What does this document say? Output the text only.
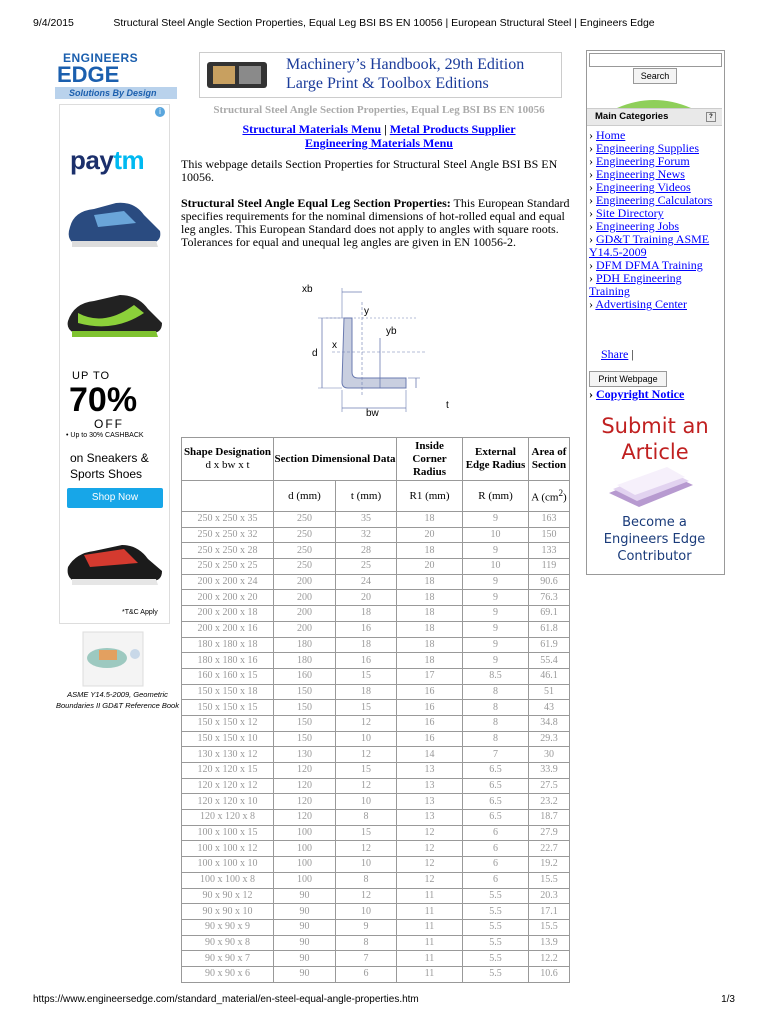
9/4/2015	Structural Steel Angle Section Properties, Equal Leg BSI BS EN 10056 | European Structural Steel | Engineers Edge
https://www.engineersedge.com/standard_material/en-steel-equal-angle-properties.htm	1/3
ENGINEERS
EDGE
Solutions By Design
i
paytm
UP TO
70%
OFF
• Up to 30% CASHBACK
on Sneakers &
Sports Shoes
Shop Now
*T&C Apply
ASME Y14.5-2009, Geometric
Boundaries II GD&T Reference Book
Machinery’s Handbook, 29th Edition
Large Print & Toolbox Editions
Structural Steel Angle Section Properties, Equal Leg BSI BS EN 10056
Structural Materials Menu | Metal Products Supplier
Engineering Materials Menu
This webpage details Section Properties for Structural Steel Angle BSI BS EN 10056.
Structural Steel Angle Equal Leg Section Properties: This European Standard specifies requirements for the nominal dimensions of hot-rolled equal and equal leg angles. This European Standard does not apply to angles with square roots. Tolerances for equal and unequal leg angles are given in EN 10056-2.
xb
y
yb
d
x
bw
t
Shape Designation
d x bw x t	Section Dimensional Data		Inside Corner Radius	External Edge Radius	Area of Section
	d (mm)	t (mm)	R1 (mm)	R (mm)	A $(cm^2)$
250 x 250 x 35	250	35	18	9	163
250 x 250 x 32	250	32	20	10	150
250 x 250 x 28	250	28	18	9	133
250 x 250 x 25	250	25	20	10	119
200 x 200 x 24	200	24	18	9	90.6
200 x 200 x 20	200	20	18	9	76.3
200 x 200 x 18	200	18	18	9	69.1
200 x 200 x 16	200	16	18	9	61.8
180 x 180 x 18	180	18	18	9	61.9
180 x 180 x 16	180	16	18	9	55.4
160 x 160 x 15	160	15	17	8.5	46.1
150 x 150 x 18	150	18	16	8	51
150 x 150 x 15	150	15	16	8	43
150 x 150 x 12	150	12	16	8	34.8
150 x 150 x 10	150	10	16	8	29.3
130 x 130 x 12	130	12	14	7	30
120 x 120 x 15	120	15	13	6.5	33.9
120 x 120 x 12	120	12	13	6.5	27.5
120 x 120 x 10	120	10	13	6.5	23.2
120 x 120 x 8	120	8	13	6.5	18.7
100 x 100 x 15	100	15	12	6	27.9
100 x 100 x 12	100	12	12	6	22.7
100 x 100 x 10	100	10	12	6	19.2
100 x 100 x 8	100	8	12	6	15.5
90 x 90 x 12	90	12	11	5.5	20.3
90 x 90 x 10	90	10	11	5.5	17.1
90 x 90 x 9	90	9	11	5.5	15.5
90 x 90 x 8	90	8	11	5.5	13.9
90 x 90 x 7	90	7	11	5.5	12.2
90 x 90 x 6	90	6	11	5.5	10.6
Search
Main Categories	?
› Home
› Engineering Supplies
› Engineering Forum
› Engineering News
› Engineering Videos
› Engineering Calculators
› Site Directory
› Engineering Jobs
› GD&T Training ASME Y14.5-2009
› DFM DFMA Training
› PDH Engineering Training
› Advertising Center
Share |
Print Webpage
› Copyright Notice
Submit an
Article
Become a
Engineers Edge
Contributor
